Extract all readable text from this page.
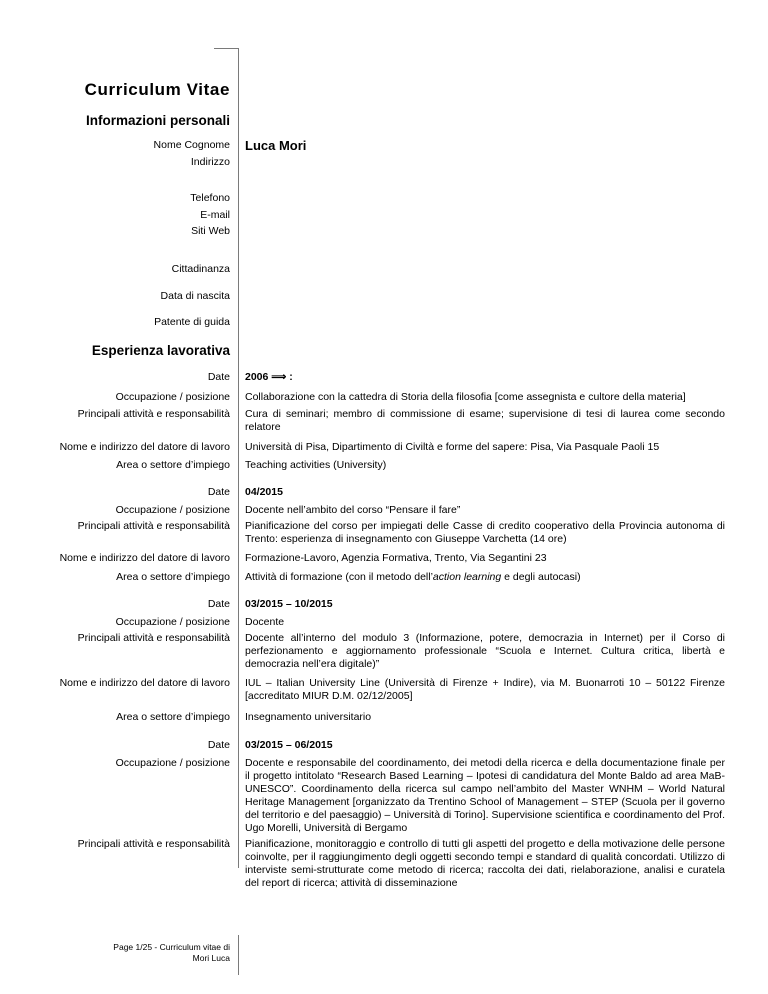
Curriculum Vitae
Informazioni personali
Nome Cognome Luca Mori
Indirizzo
Telefono
E-mail
Siti Web
Cittadinanza
Data di nascita
Patente di guida
Esperienza lavorativa
Date 2006 ⟹ :
Occupazione / posizione Collaborazione con la cattedra di Storia della filosofia [come assegnista e cultore della materia]
Principali attività e responsabilità Cura di seminari; membro di commissione di esame; supervisione di tesi di laurea come secondo relatore
Nome e indirizzo del datore di lavoro Università di Pisa, Dipartimento di Civiltà e forme del sapere: Pisa, Via Pasquale Paoli 15
Area o settore d’impiego Teaching activities (University)
Date 04/2015
Occupazione / posizione Docente nell’ambito del corso “Pensare il fare”
Principali attività e responsabilità Pianificazione del corso per impiegati delle Casse di credito cooperativo della Provincia autonoma di Trento: esperienza di insegnamento con Giuseppe Varchetta (14 ore)
Nome e indirizzo del datore di lavoro Formazione-Lavoro, Agenzia Formativa, Trento, Via Segantini 23
Area o settore d’impiego Attività di formazione (con il metodo dell’action learning e degli autocasi)
Date 03/2015 – 10/2015
Occupazione / posizione Docente
Principali attività e responsabilità Docente all’interno del modulo 3 (Informazione, potere, democrazia in Internet) per il Corso di perfezionamento e aggiornamento professionale “Scuola e Internet. Cultura critica, libertà e democrazia nell’era digitale)”
Nome e indirizzo del datore di lavoro IUL – Italian University Line (Università di Firenze + Indire), via M. Buonarroti 10 – 50122 Firenze [accreditato MIUR D.M. 02/12/2005]
Area o settore d’impiego Insegnamento universitario
Date 03/2015 – 06/2015
Occupazione / posizione Docente e responsabile del coordinamento, dei metodi della ricerca e della documentazione finale per il progetto intitolato “Research Based Learning – Ipotesi di candidatura del Monte Baldo ad area MaB-UNESCO”. Coordinamento della ricerca sul campo nell’ambito del Master WNHM – World Natural Heritage Management [organizzato da Trentino School of Management – STEP (Scuola per il governo del territorio e del paesaggio) – Università di Torino]. Supervisione scientifica e coordinamento del Prof. Ugo Morelli, Università di Bergamo
Principali attività e responsabilità Pianificazione, monitoraggio e controllo di tutti gli aspetti del progetto e della motivazione delle persone coinvolte, per il raggiungimento degli oggetti secondo tempi e standard di qualità concordati. Utilizzo di interviste semi-strutturate come metodo di ricerca; raccolta dei dati, rielaborazione, analisi e curatela del report di ricerca; attività di disseminazione
Page 1/25 - Curriculum vitae di
Mori Luca
